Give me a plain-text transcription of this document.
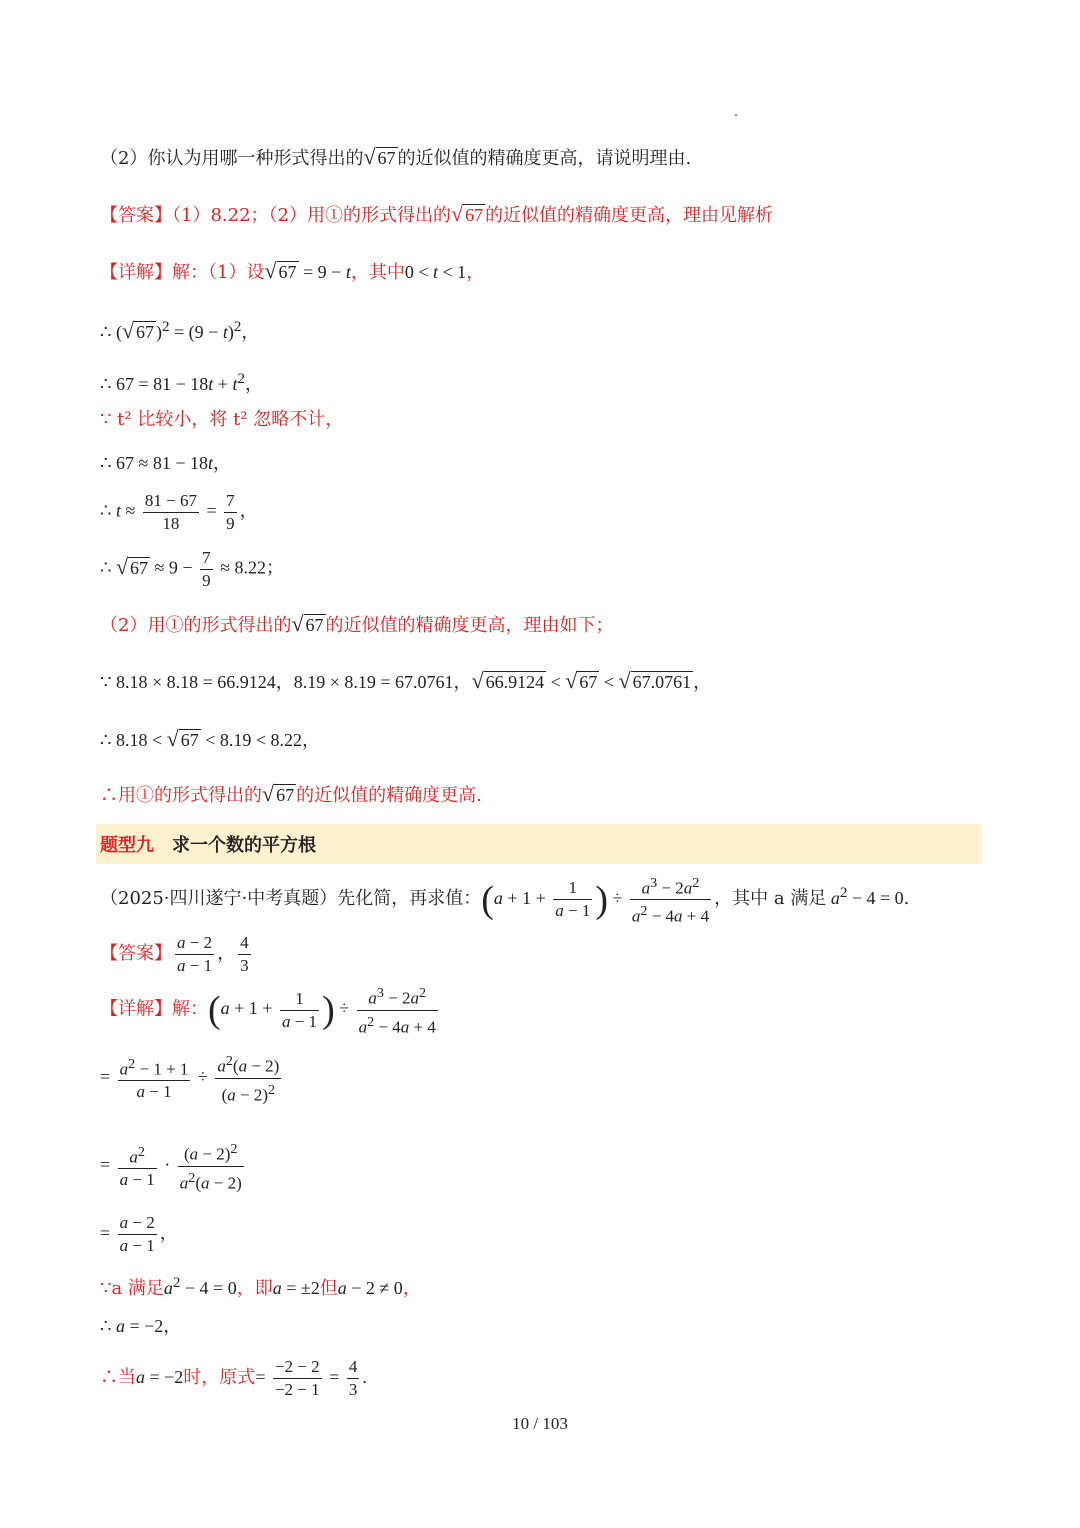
（2）你认为用哪一种形式得出的√ 67 的近似值的精确度更高，请说明理由.
【答案】（1）8.22；（2）用①的形式得出的√ 67 的近似值的精确度更高，理由见解析
【详解】解：（1）设√ 67 = 9 − t，其中0 < t < 1，
∴ (√ 67 )$^2 = (9 - t)^2$，
∴ $67 = 81 - 18t + t^2$，
∵ t² 比较小，将 t² 忽略不计，
∴ 67 ≈ 81 − 18t，
∴ $t \approx \frac{81 - 67}{18} = \frac{7}{9}$ ，
∴ √ $67 \approx 9 - \frac{7}{9} \approx 8.22$；
（2）用①的形式得出的√ 67 的近似值的精确度更高，理由如下；
∵ 8.18 × 8.18 = 66.9124，8.19 × 8.19 = 67.0761，√ 66.9124 < √ 67 < √ 67.0761 ，
∴ 8.18 < √ 67 < 8.19 < 8.22，
∴用①的形式得出的√ 67 的近似值的精确度更高.
题型九 求一个数的平方根
（2025·四川遂宁·中考真题）先化简，再求值：($a + 1 + \frac{1}{a - 1}$ ) ÷ $\frac{a^3 - 2a^2}{a^2 - 4a + 4}$ ，其中 a 满足 $a^2 - 4 = 0$.
【答案】 $\frac{a - 2}{a - 1}$ ， $\frac{4}{3}$
【详解】解：($a + 1 + \frac{1}{a - 1}$ ) ÷ $\frac{a^3 - 2a^2}{a^2 - 4a + 4}$
= $\frac{a^2 - 1 + 1}{a - 1} \div \frac{a^2(a - 2)}{(a - 2)^2}$
= $\frac{a^2}{a - 1} \cdot \frac{(a - 2)^2}{a^2(a - 2)}$
= $\frac{a - 2}{a - 1}$ ，
∵a 满足$a^2 - 4 = 0$，即a = ±2但a − 2 ≠ 0，
∴ a = −2，
∴当a = −2时，原式= $\frac{-2 - 2}{-2 - 1} = \frac{4}{3}$ .
10 / 103
